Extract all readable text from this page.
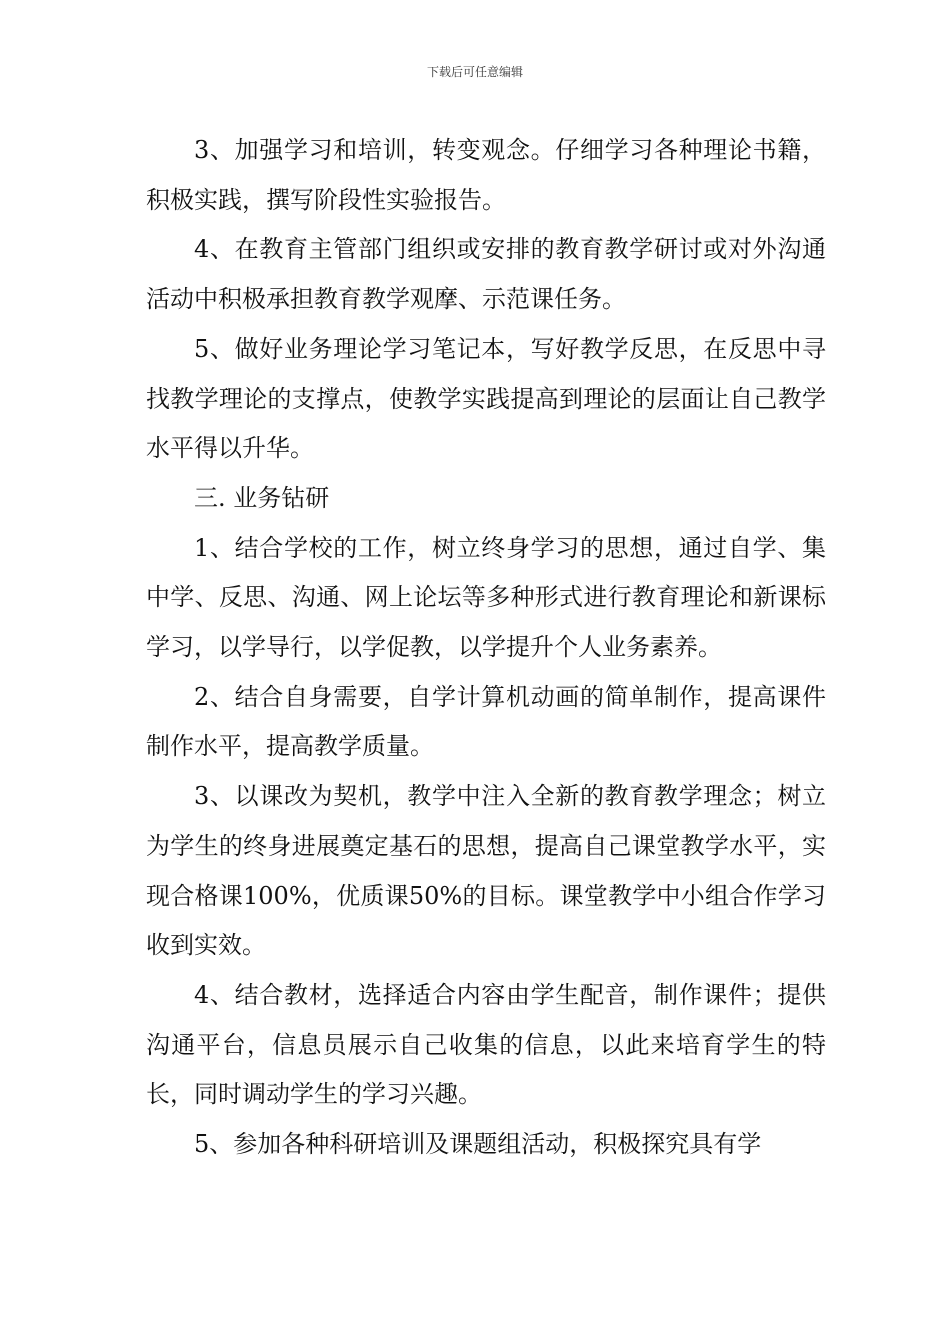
下载后可任意编辑

3、加强学习和培训，转变观念。仔细学习各种理论书籍，积极实践，撰写阶段性实验报告。

4、在教育主管部门组织或安排的教育教学研讨或对外沟通活动中积极承担教育教学观摩、示范课任务。

5、做好业务理论学习笔记本，写好教学反思，在反思中寻找教学理论的支撑点，使教学实践提高到理论的层面让自己教学水平得以升华。

三. 业务钻研

1、结合学校的工作，树立终身学习的思想，通过自学、集中学、反思、沟通、网上论坛等多种形式进行教育理论和新课标学习，以学导行，以学促教，以学提升个人业务素养。

2、结合自身需要，自学计算机动画的简单制作，提高课件制作水平，提高教学质量。

3、以课改为契机，教学中注入全新的教育教学理念；树立为学生的终身进展奠定基石的思想，提高自己课堂教学水平，实现合格课100%，优质课50%的目标。课堂教学中小组合作学习收到实效。

4、结合教材，选择适合内容由学生配音，制作课件；提供沟通平台，信息员展示自己收集的信息，以此来培育学生的特长，同时调动学生的学习兴趣。

5、参加各种科研培训及课题组活动，积极探究具有学
